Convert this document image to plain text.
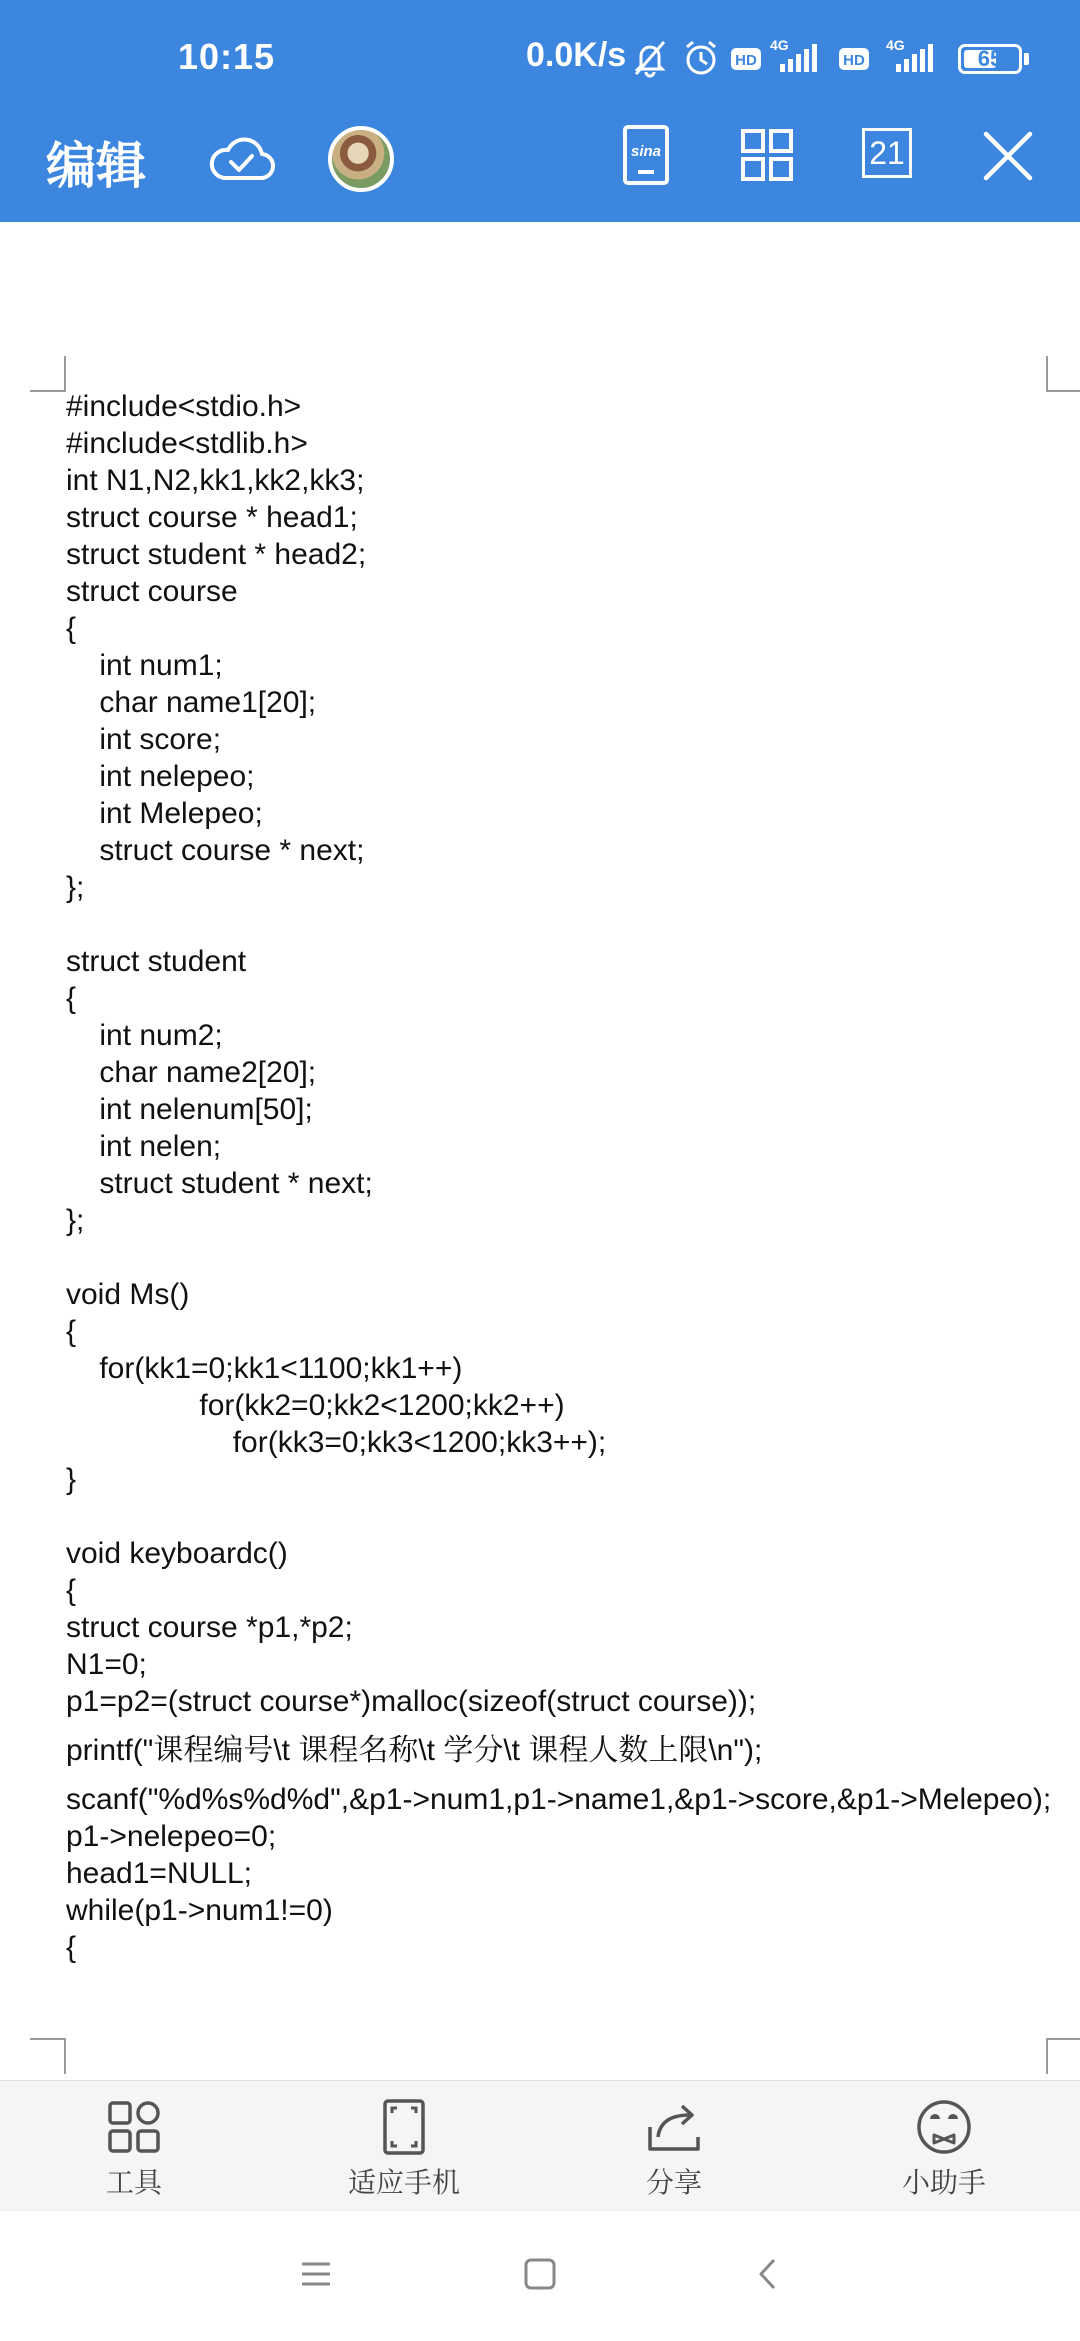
10:15	0.0K/s	HD
4G
HD
4G
65
编辑	sina	21
#include<stdio.h>
#include<stdlib.h>
int N1,N2,kk1,kk2,kk3;
struct course * head1;
struct student * head2;
struct course
{
int num1;
char name1[20];
int score;
int nelepeo;
int Melepeo;
struct course * next;
};
struct student
{
int num2;
char name2[20];
int nelenum[50];
int nelen;
struct student * next;
};
void Ms()
{
for(kk1=0;kk1<1100;kk1++)
for(kk2=0;kk2<1200;kk2++)
for(kk3=0;kk3<1200;kk3++);
}
void keyboardc()
{
struct course *p1,*p2;
N1=0;
p1=p2=(struct course*)malloc(sizeof(struct course));
printf("课程编号\t 课程名称\t 学分\t 课程人数上限\n");
scanf("%d%s%d%d",&p1->num1,p1->name1,&p1->score,&p1->Melepeo);
p1->nelepeo=0;
head1=NULL;
while(p1->num1!=0)
{
工具	适应手机	分享	小助手
